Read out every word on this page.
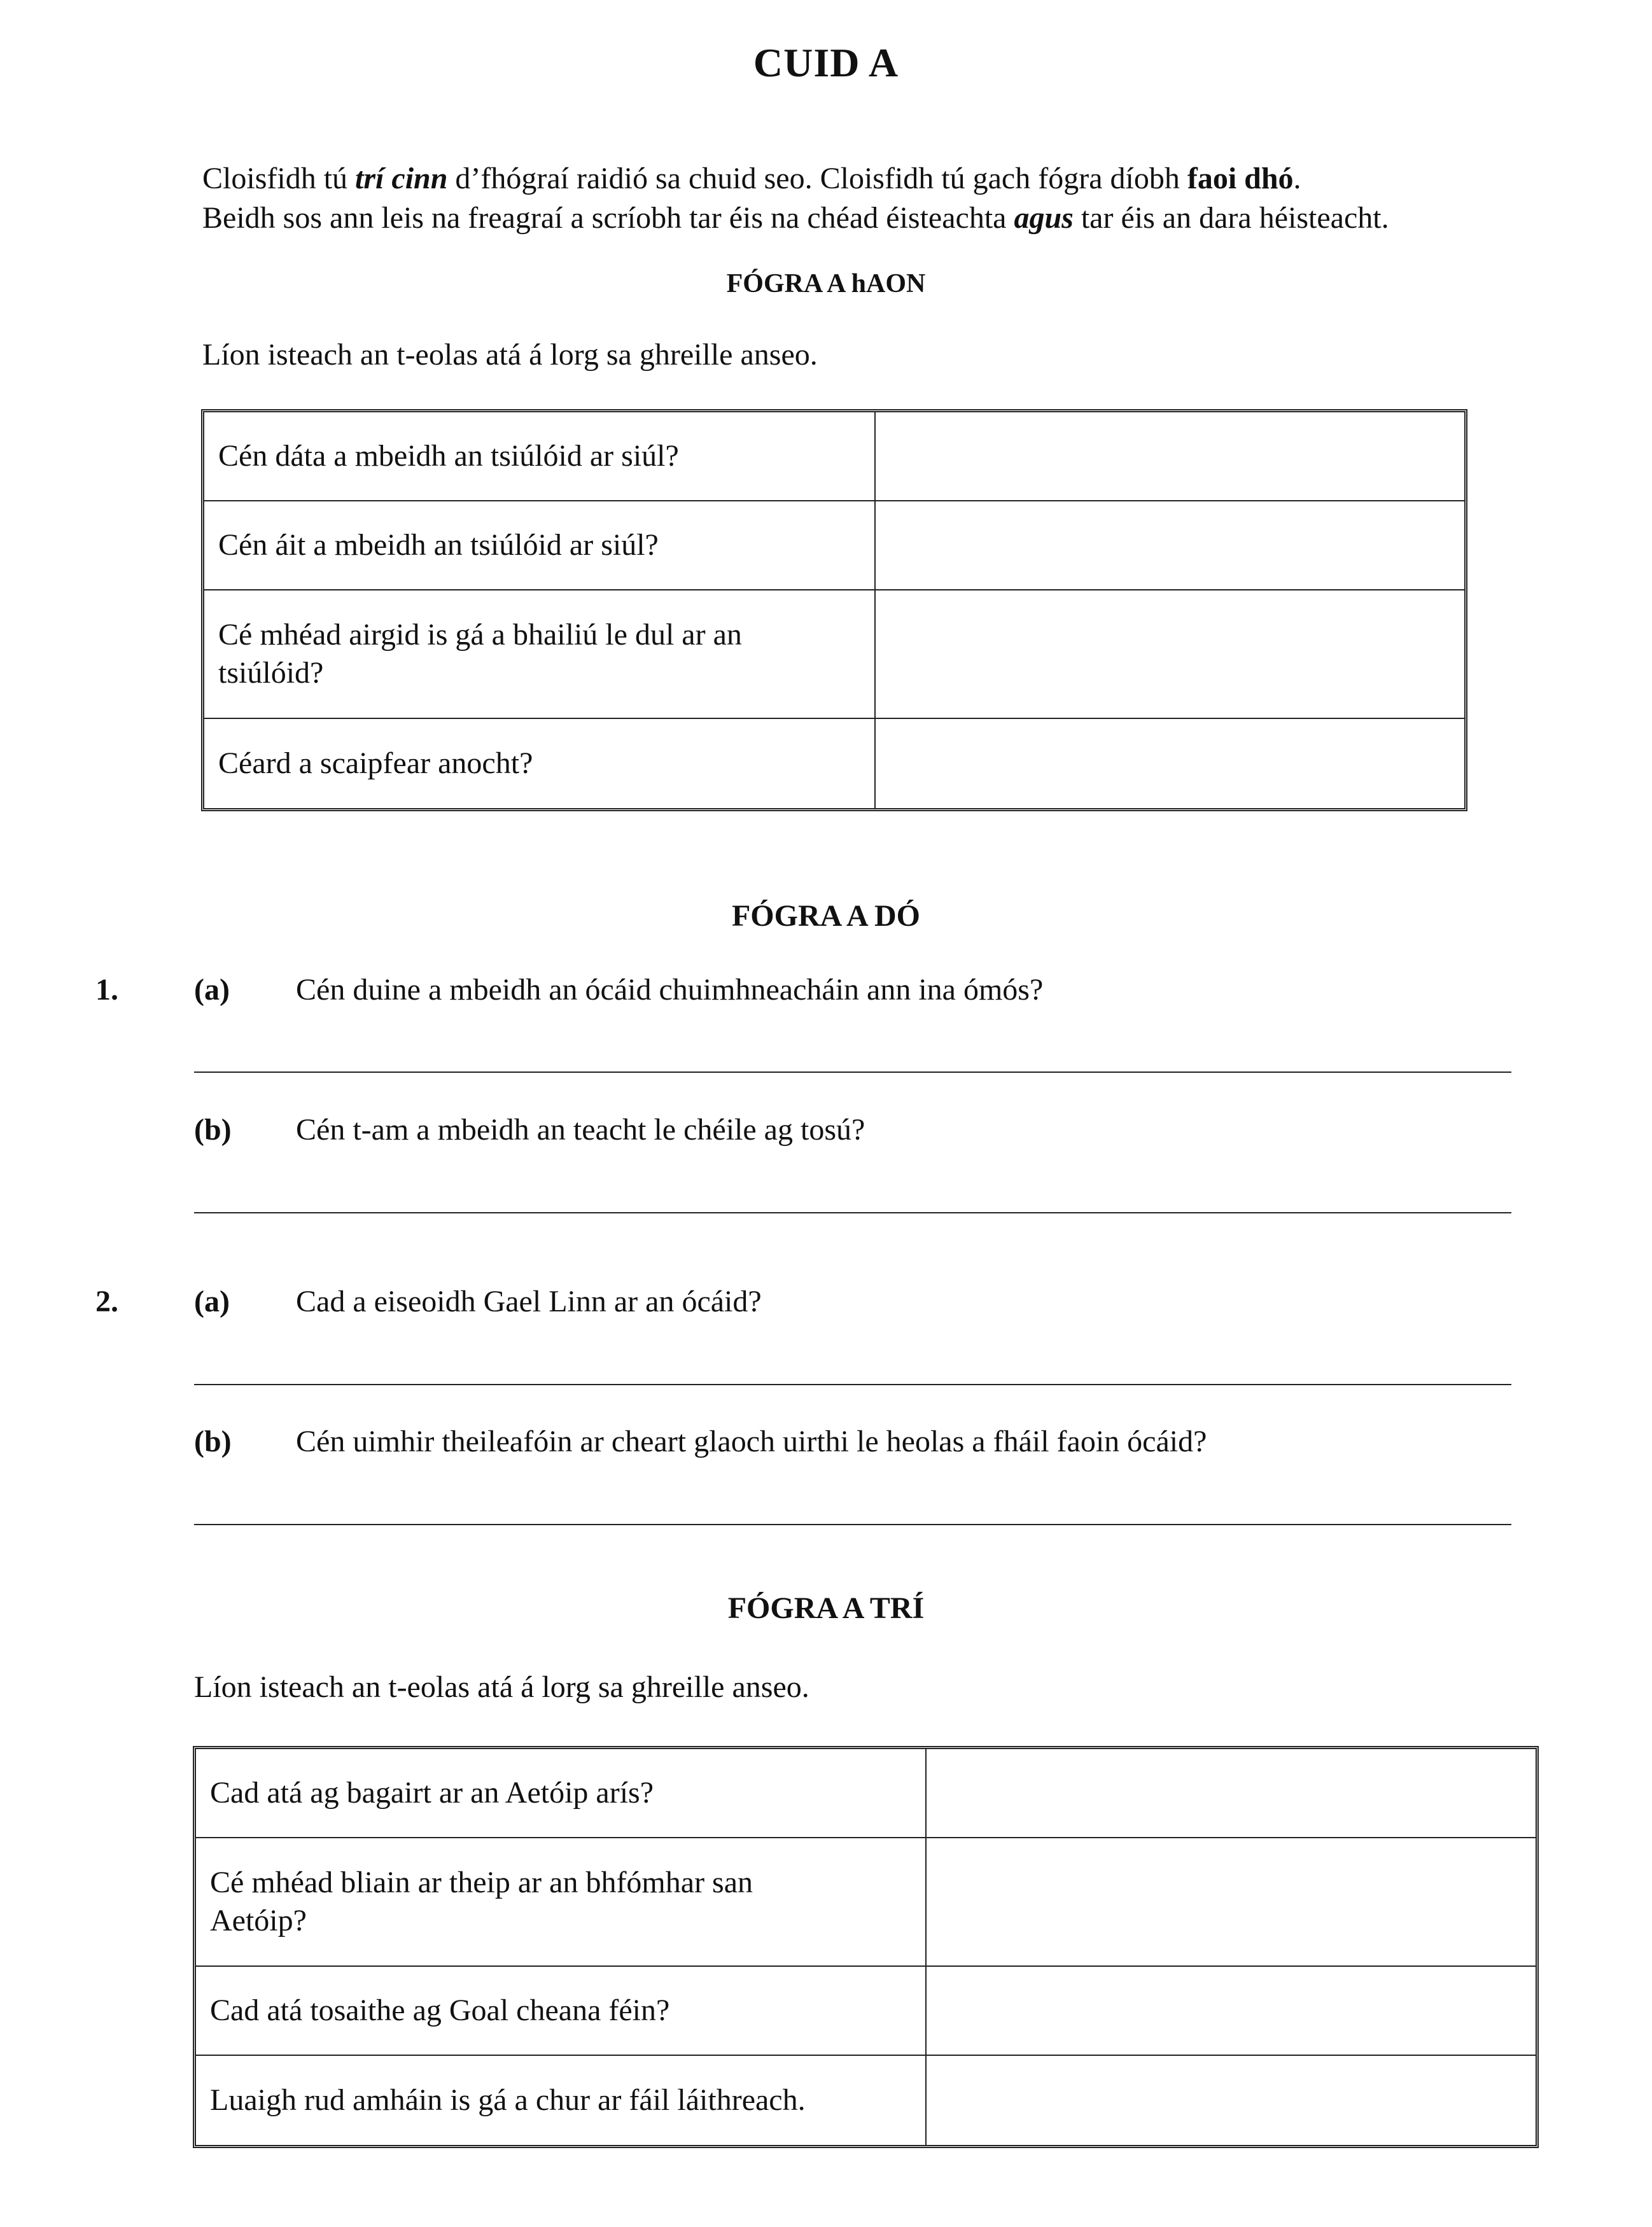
CUID A

Cloisfidh tú trí cinn d’fhógraí raidió sa chuid seo. Cloisfidh tú gach fógra díobh faoi dhó.

Beidh sos ann leis na freagraí a scríobh tar éis na chéad éisteachta agus tar éis an dara héisteacht.

FÓGRA A hAON
Líon isteach an t-eolas atá á lorg sa ghreille anseo.
Cén dáta a mbeidh an tsiúlóid ar siúl?	
Cén áit a mbeidh an tsiúlóid ar siúl?	
Cé mhéad airgid is gá a bhailiú le dul ar an tsiúlóid?	
Céard a scaipfear anocht?	
FÓGRA A DÓ
1. (a) Cén duine a mbeidh an ócáid chuimhneacháin ann ina ómós?
(b) Cén t-am a mbeidh an teacht le chéile ag tosú?
2. (a) Cad a eiseoidh Gael Linn ar an ócáid?
(b) Cén uimhir theileafóin ar cheart glaoch uirthi le heolas a fháil faoin ócáid?
FÓGRA A TRÍ
Líon isteach an t-eolas atá á lorg sa ghreille anseo.
Cad atá ag bagairt ar an Aetóip arís?	
Cé mhéad bliain ar theip ar an bhfómhar san Aetóip?	
Cad atá tosaithe ag Goal cheana féin?	
Luaigh rud amháin is gá a chur ar fáil láithreach.	
